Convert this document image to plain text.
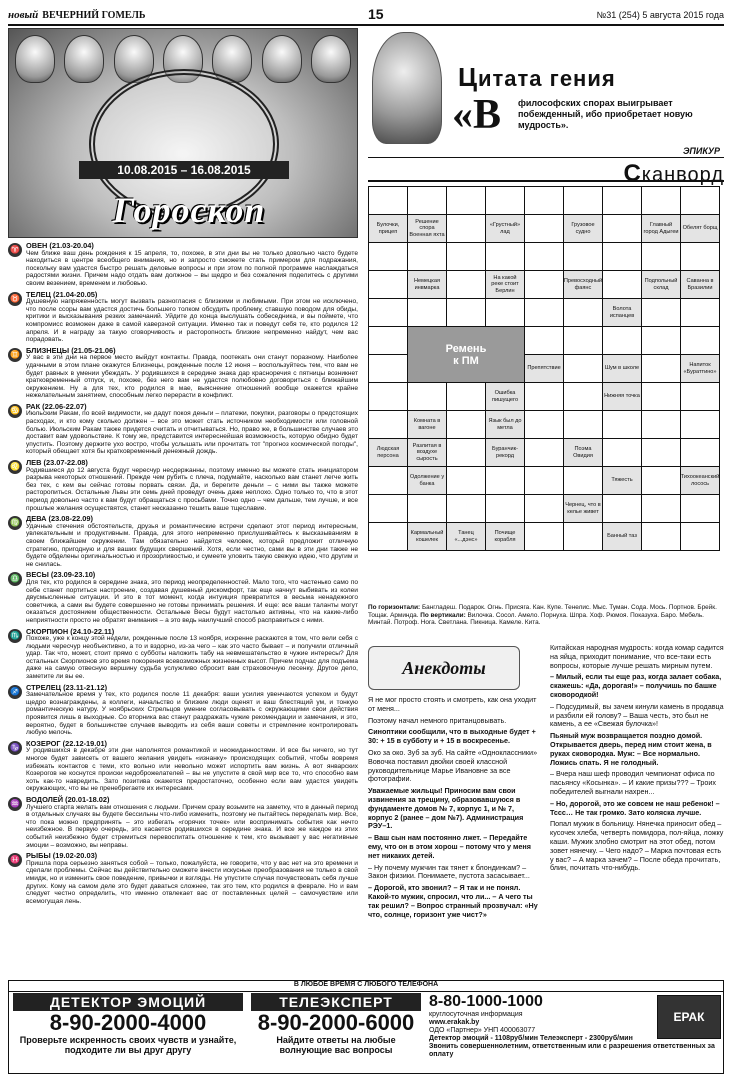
новый ВЕЧЕРНИЙ ГОМЕЛЬ	15	№31 (254) 5 августа 2015 года
10.08.2015 – 16.08.2015
Гороскоп
♈ ОВЕН (21.03-20.04)
Чем ближе ваш день рождения к 15 апреля, то, похоже, в эти дни вы не только довольно часто будете находиться в центре всеобщего внимания, но и запросто сможете стать примером для подражания, поскольку вам удастся быстро решать деловые вопросы и при этом по полной программе наслаждаться радостями жизни. Причем надо отдать вам должное – вы щедро и без сожаления поделитесь с другими своим везением, временем и любовью.
♉ ТЕЛЕЦ (21.04-20.05)
Душевную напряженность могут вызвать разногласия с близкими и любимыми. При этом не исключено, что после ссоры вам удастся достичь большего толком обсудить проблему, ставшую поводом для обиды, критики и высказывания резких замечаний. Уйдите до конца выслушать собеседника, и вы поймете, что компромисс возможен даже в самой каверзной ситуации. Именно так и поведут себя те, кто родился 12 апреля. И в награду за такую сговорчивость и расторопность близкие непременно найдут, чем вас порадовать.
♊ БЛИЗНЕЦЫ (21.05-21.06)
У вас в эти дни на первое место выйдут контакты. Правда, поотекать они станут поразному. Наиболее удачными в этом плане окажутся Близнецы, рожденные после 12 июня – воспользуйтесь тем, что вам не будет равных в умении убеждать. У родившихся в середине знака дар красноречия с пятницы возникнет кратковременный отпуск, и, похоже, без него вам не удастся полюбовно договориться с ближайшим окружением. Ну а для тех, кто родился в мае, выяснение отношений вообще окажется крайне нежелательным занятием, способным легко перерасти в конфликт.
♋ РАК (22.06-22.07)
Июльским Ракам, по всей видимости, не дадут покоя деньги – платежи, покупки, разговоры о предстоящих расходах, и кто кому сколько должен – все это может стать источником необходимости или головной болью. Июльским Ракам также придется считать и отчитываться. Но, право же, в большинстве случаев это доставит вам удовольствие. К тому же, представится интереснейшая возможность, которую обидно будет упустить. Поэтому держите ухо востро, чтобы услышать или прочитать тот "прогноз космической погоды", который обещает хотя бы кратковременный денежный дождь.
♌ ЛЕВ (23.07-22.08)
Родившиеся до 12 августа будут чересчур несдержанны, поэтому именно вы можете стать инициатором разрыва некоторых отношений. Прежде чем рубить с плеча, подумайте, насколько вам станет легче жить без тех, с кем вы сейчас готовы порвать связи. Да, и берегите деньги – с ними вы также можете расторопиться. Остальные Львы эти семь дней проведут очень даже неплохо. Одно только то, что в этот период довольно часто к вам будут обращаться с просьбами. Точно одно – чем дальше, тем лучше, и все прошлые желания осуществятся, станет несказанно тешить ваше тщеславие.
♍ ДЕВА (23.08-22.09)
Удачные стечения обстоятельств, друзья и романтические встречи сделают этот период интересным, увлекательным и продуктивным. Правда, для этого непременно прислушивайтесь к высказываниям в своем ближайшем окружении. Там обязательно найдется человек, который предложит отличную стратегию, пригодную и для ваших будущих свершений. Хотя, если честно, сами вы в эти дни также не будете обделены оригинальностью и прозорливостью, и сумеете уловить такую свежую идею, что другим и не снилась.
♎ ВЕСЫ (23.09-23.10)
Для тех, кто родился в середине знака, это период неопределенностей. Мало того, что частенько само по себе станет портиться настроение, создавая душевный дискомфорт, так еще начнут выбивать из колеи двусмысленные ситуации. И это в тот момент, когда интуиция превратится в весьма ненадежного советчика, а сами вы будете совершенно не готовы принимать решения. И еще: все ваши таланты могут оказаться достоянием общественности. Остальные Весы будут настолько активны, что на какие-либо неприятности просто не обратят внимания – а это ведь наилучший способ расправиться с ними.
♏ СКОРПИОН (24.10-22.11)
Похоже, уже к концу этой недели, рожденные после 13 ноября, искренне раскаются в том, что вели себя с людьми чересчур необъективно, а то и вздорно, из-за чего – как это часто бывает – и получили отличный удар. Так что, может, стоит прямо с субботы наложить табу на невмешательство в чужие интересы? Для остальных Скорпионов это время покорения всевозможных жизненных высот. Причем подчас для подъема даже на самую отвесную вершину судьба услужливо сбросит вам страховочную лесенку. Другое дело, заметите ли вы ее.
♐ СТРЕЛЕЦ (23.11-21.12)
Замечательное время у тех, кто родился после 11 декабря: ваши усилия увенчаются успехом и будут щедро вознаграждены, а коллеги, начальство и близкие люди оценят и ваш блестящий ум, и тонкую романтическую натуру. У ноябрьских Стрельцов умение согласовывать с окружающими свои действия проявится лишь в выходные. Со вторника вас станут раздражать чужие рекомендации и замечания, и это, вероятно, будет в большинстве случаев выводить из себя ваши советы и стремление контролировать любую мелочь.
♑ КОЗЕРОГ (22.12-19.01)
У родившихся в декабре эти дни наполнятся романтикой и неожиданностями. И все бы ничего, но тут многое будет зависеть от вашего желания увидеть «изнанку» происходящих событий, чтобы вовремя избежать контактов с теми, кто вольно или невольно может испортить вам жизнь. А вот январских Козерогов не коснутся происки недоброжелателей – вы не упустите в свой мир все то, что способно вам хоть как-то навредить. Зато позитива окажется предостаточно, особенно если вам удастся увидеть окружающих, что вы не пренебрегаете их интересами.
♒ ВОДОЛЕЙ (20.01-18.02)
Лучшего старта желать вам отношения с людьми. Причем сразу возьмите на заметку, что в данный период в отдельных случаях вы будете бессильны что-либо изменить, поэтому не пытайтесь переделать мир. Все, что пока можно предпринять – это избегать «горячих точек» или воспринимать события как нечто неизбежное. В первую очередь, это касается родившихся в середине знака. И все же каждое из этих событий неизбежно будет стремиться перевоспитать отношение к тем, кто вызывает у вас негативные эмоции – возможно, вы неправы.
♓ РЫБЫ (19.02-20.03)
Пришла пора серьезно заняться собой – только, пожалуйста, не говорите, что у вас нет на это времени и сделали проблемы. Сейчас вы действительно сможете внести искусные преобразования не только в свой имидж, но и изменить свое поведение, привычки и взгляды. Не упустите случая почувствовать себя лучше других. Кому на самом деле это будет даваться сложнее, так это тем, кто родился в феврале. Но и вам следует честно определить, что именно отвлекает вас от поставленных целей – самочувствие или всемогущая лень.
Цитата гения
«В философских спорах выигрывает побежденный, ибо приобретает новую мудрость».
ЭПИКУР
Сканворд
Булочки, прицеп
Решение спора Военная яхта
«Грустный» лад
Грузовое судно
Главный город Адыгеи
Обелят борщ
Немецкая инвмарка
На какой реке стоит Берлин
Превосходный фаянс
Подпольный склад
Саванна в Бразилии
Волота испанцев
Препятствие	Шум в школе
Напиток «Бураттино»
Ошибка пишущего
Нижняя точка
Комната в вагоне
Язык был до метла
Людская персона
Разлитая в воздухе сырость
Буранчик-рекорд
Поэма Овидия
Одолжение у банка
Тяжесть
Тихоокеанский лосось
Чернец, что в келье живет
Кармальный кошелек
Банный таз
Танец «...дэнс»
Почище корабля
Ремень
к ПМ
По горизонтали: Бангладеш. Подарок. Огнь. Присяга. Кан. Купе. Тенелис. Мыс. Туман. Сода. Мось. Портнов. Брейк. Тощак. Арминда. По вертикали: Вилочка. Сосол. Амело. Порнуха. Шпра. Хоф. Рюмоя. Показуха. Баро. Мебель. Минтай. Потроф. Нога. Светлана. Пикница. Камеле. Кита.
Анекдоты

Я не мог просто стоять и смотреть, как она уходит от меня...

Поэтому начал немного пританцовывать.

Синоптики сообщили, что в выходные будет + 30: + 15 в субботу и + 15 в воскресенье.

Око за око. Зуб за зуб. На сайте «Одноклассники» Вовочка поставил двойки своей классной руководительнице Марье Ивановне за все фотографии.

Уважаемые жильцы! Приносим вам свои извинения за трещину, образовавшуюся в фундаменте домов № 7, корпус 1, и № 7, корпус 2 (ранее – дом №7). Администрация РЭУ–1.

– Ваш сын нам постоянно лжет. – Передайте ему, что он в этом хорош – потому что у меня нет никаких детей.

– Ну почему мужчин так тянет к блондинкам? – Закон физики. Понимаете, пустота засасывает...

– Дорогой, кто звонил? – Я так и не понял. Какой-то мужик, спросил, что ли... – А чего ты так решил? – Вопрос странный прозвучал: «Ну что, солнце, горизонт уже чист?»

Китайская народная мудрость: когда комар садится на яйца, приходит понимание, что все-таки есть вопросы, которые лучше решать мирным путем.

– Милый, если ты еще раз, когда залает собака, скажешь: «Да, дорогая!» – получишь по башке сковородкой!

– Подсудимый, вы зачем кинули камень в продавца и разбили ей голову? – Ваша честь, это был не камень, а ее «Свежая булочка»!

Пьяный муж возвращается поздно домой. Открывается дверь, перед ним стоит жена, в руках сковородка. Муж: – Все нормально. Ложись спать. Я не голодный.

– Вчера наш шеф проводил чемпионат офиса по пасьянсу «Косынка». – И какие призы??? – Троих победителей выгнали нахрен...

– Но, дорогой, это же совсем не наш ребенок! – Тссс… Не так громко. Зато коляска лучше.

Попал мужик в больницу. Нянечка приносит обед – кусочек хлеба, четверть помидора, пол-яйца, ложку каши. Мужик злобно смотрит на этот обед, потом зовет нянечку. – Чего надо? – Марка почтовая есть у вас? – А марка зачем? – После обеда прочитать, блин, почитать что-нибудь.

В ЛЮБОЕ ВРЕМЯ С ЛЮБОГО ТЕЛЕФОНА
ДЕТЕКТОР ЭМОЦИЙ
8-90-2000-4000
Проверьте искренность своих чувств и узнайте, подходите ли вы друг другу
ТЕЛЕЭКСПЕРТ
8-90-2000-6000
Найдите ответы на любые волнующие вас вопросы
8-80-1000-1000
круглосуточная информация
www.erakak.by
ОДО «Партнер» УНП 400063077
Детектор эмоций - 1108руб/мин Телеэксперт - 2300руб/мин
Звонить совершеннолетним, ответственным или с разрешения ответственных за оплату
ЕРАК
